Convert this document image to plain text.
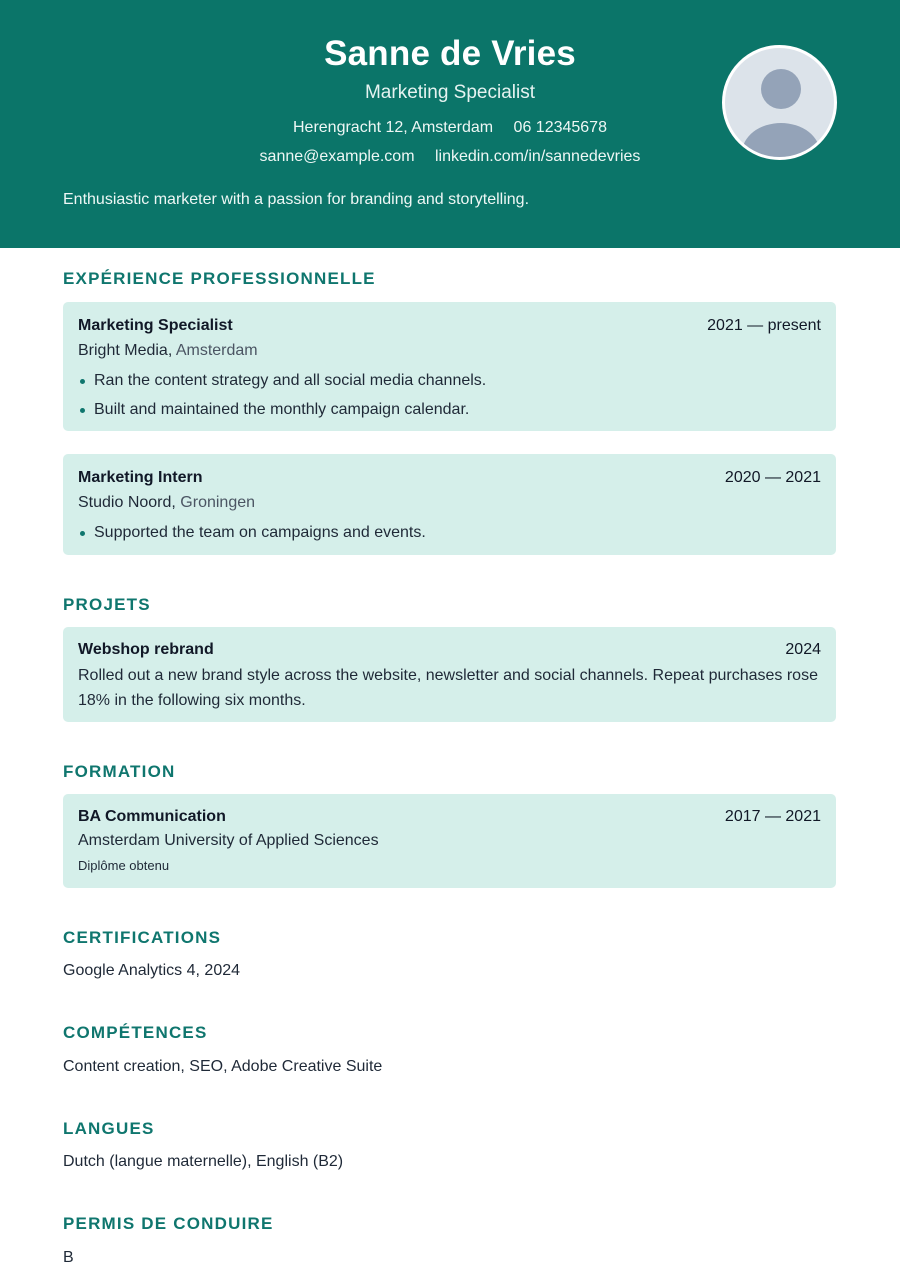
Sanne de Vries
Marketing Specialist
Herengracht 12, Amsterdam 06 12345678
sanne@example.com linkedin.com/in/sannedevries
Enthusiastic marketer with a passion for branding and storytelling.
EXPÉRIENCE PROFESSIONNELLE
Marketing Specialist	2021 — present
Bright Media, Amsterdam
Ran the content strategy and all social media channels.
Built and maintained the monthly campaign calendar.
Marketing Intern	2020 — 2021
Studio Noord, Groningen
Supported the team on campaigns and events.
PROJETS
Webshop rebrand	2024
Rolled out a new brand style across the website, newsletter and social channels. Repeat purchases rose 18% in the following six months.
FORMATION
BA Communication	2017 — 2021
Amsterdam University of Applied Sciences
Diplôme obtenu
CERTIFICATIONS
Google Analytics 4, 2024
COMPÉTENCES
Content creation, SEO, Adobe Creative Suite
LANGUES
Dutch (langue maternelle), English (B2)
PERMIS DE CONDUIRE
B
